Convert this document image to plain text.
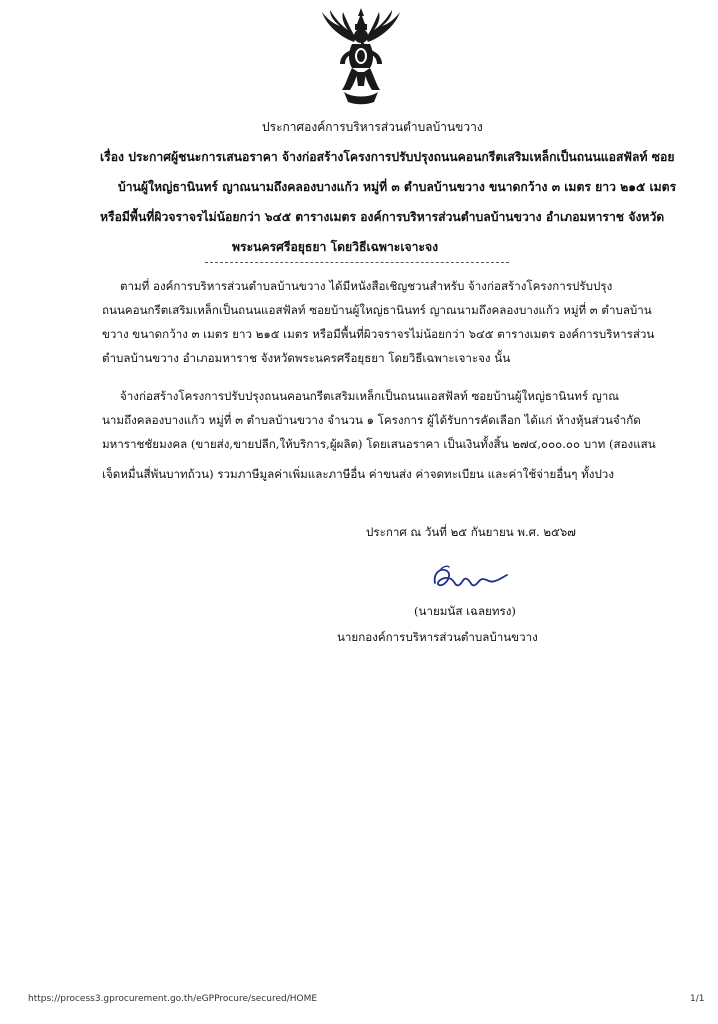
ประกาศองค์การบริหารส่วนตำบลบ้านขวาง
เรื่อง ประกาศผู้ชนะการเสนอราคา จ้างก่อสร้างโครงการปรับปรุงถนนคอนกรีตเสริมเหล็กเป็นถนนแอสฟัลท์ ซอย
บ้านผู้ใหญ่ธานินทร์ ญาณนามถึงคลองบางแก้ว หมู่ที่ ๓ ตำบลบ้านขวาง ขนาดกว้าง ๓ เมตร ยาว ๒๑๕ เมตร
หรือมีพื้นที่ผิวจราจรไม่น้อยกว่า ๖๔๕ ตารางเมตร องค์การบริหารส่วนตำบลบ้านขวาง อำเภอมหาราช จังหวัด
พระนครศรีอยุธยา โดยวิธีเฉพาะเจาะจง
ตามที่ องค์การบริหารส่วนตำบลบ้านขวาง ได้มีหนังสือเชิญชวนสำหรับ จ้างก่อสร้างโครงการปรับปรุง
ถนนคอนกรีตเสริมเหล็กเป็นถนนแอสฟัลท์ ซอยบ้านผู้ใหญ่ธานินทร์ ญาณนามถึงคลองบางแก้ว หมู่ที่ ๓ ตำบลบ้าน
ขวาง ขนาดกว้าง ๓ เมตร ยาว ๒๑๕ เมตร หรือมีพื้นที่ผิวจราจรไม่น้อยกว่า ๖๔๕ ตารางเมตร องค์การบริหารส่วน
ตำบลบ้านขวาง อำเภอมหาราช จังหวัดพระนครศรีอยุธยา โดยวิธีเฉพาะเจาะจง นั้น
จ้างก่อสร้างโครงการปรับปรุงถนนคอนกรีตเสริมเหล็กเป็นถนนแอสฟัลท์ ซอยบ้านผู้ใหญ่ธานินทร์ ญาณ
นามถึงคลองบางแก้ว หมู่ที่ ๓ ตำบลบ้านขวาง จำนวน ๑ โครงการ ผู้ได้รับการคัดเลือก ได้แก่ ห้างหุ้นส่วนจำกัด
มหาราชชัยมงคล (ขายส่ง,ขายปลีก,ให้บริการ,ผู้ผลิต) โดยเสนอราคา เป็นเงินทั้งสิ้น ๒๗๔,๐๐๐.๐๐ บาท (สองแสน
เจ็ดหมื่นสี่พันบาทถ้วน) รวมภาษีมูลค่าเพิ่มและภาษีอื่น ค่าขนส่ง ค่าจดทะเบียน และค่าใช้จ่ายอื่นๆ ทั้งปวง
ประกาศ ณ วันที่ ๒๕ กันยายน พ.ศ. ๒๕๖๗
(นายมนัส เฉลยทรง)
นายกองค์การบริหารส่วนตำบลบ้านขวาง
https://process3.gprocurement.go.th/eGPProcure/secured/HOME	1/1
